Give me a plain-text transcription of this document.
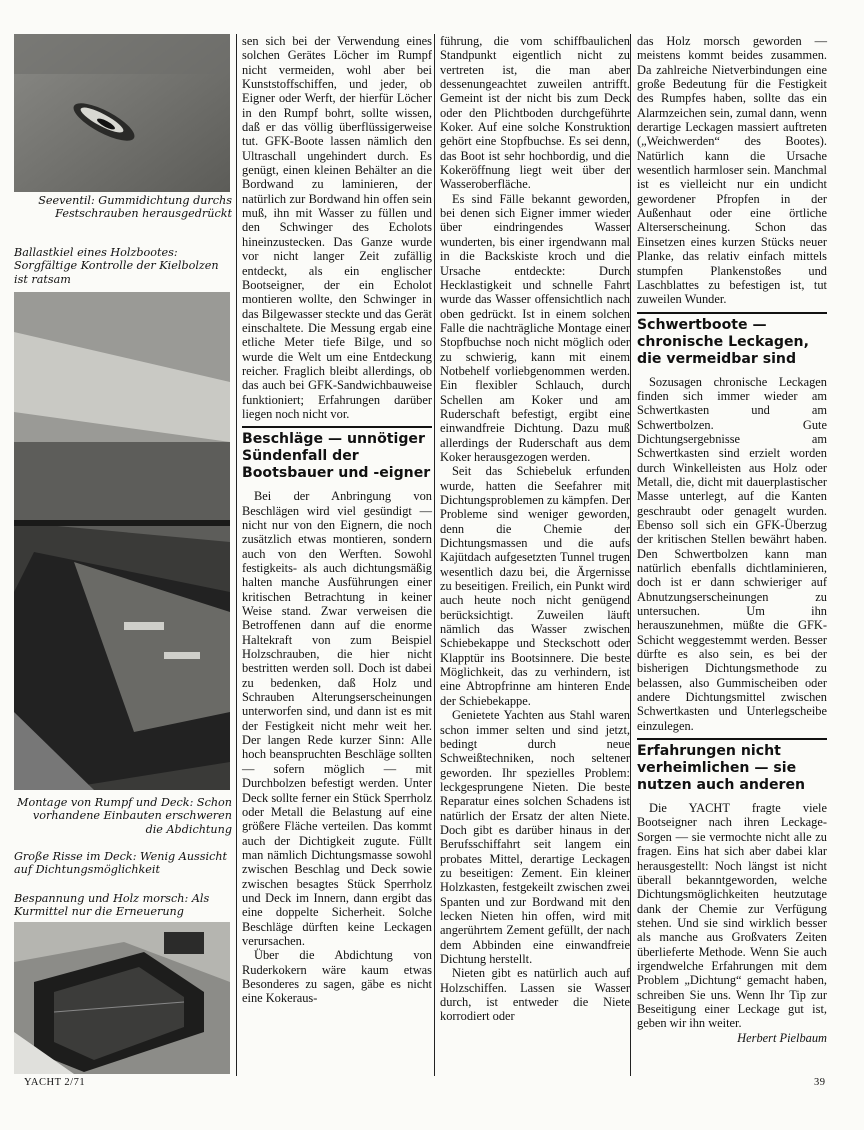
Seeventil: Gummidichtung durchs Festschrauben herausgedrückt
Ballastkiel eines Holzbootes: Sorgfältige Kontrolle der Kielbolzen ist ratsam
Montage von Rumpf und Deck: Schon vorhandene Einbauten erschweren die Abdichtung
Große Risse im Deck: Wenig Aussicht auf Dichtungsmöglichkeit
Bespannung und Holz morsch: Als Kurmittel nur die Erneuerung

sen sich bei der Verwendung eines solchen Gerätes Löcher im Rumpf nicht vermeiden, wohl aber bei Kunststoffschiffen, und jeder, ob Eigner oder Werft, der hierfür Löcher in den Rumpf bohrt, sollte wissen, daß er das völlig überflüssigerweise tut. GFK-Boote lassen nämlich den Ultraschall ungehindert durch. Es genügt, einen kleinen Behälter an die Bordwand zu laminieren, der natürlich zur Bordwand hin offen sein muß, ihn mit Wasser zu füllen und den Schwinger des Echolots hineinzustecken. Das Ganze wurde vor nicht langer Zeit zufällig entdeckt, als ein englischer Bootseigner, der ein Echolot montieren wollte, den Schwinger in das Bilgewasser steckte und das Gerät einschaltete. Die Messung ergab eine etliche Meter tiefe Bilge, und so wurde die Welt um eine Entdeckung reicher. Fraglich bleibt allerdings, ob das auch bei GFK-Sandwichbauweise funktioniert; Erfahrungen darüber liegen noch nicht vor.

Beschläge — unnötiger Sündenfall der Bootsbauer und -eigner

Bei der Anbringung von Beschlägen wird viel gesündigt — nicht nur von den Eignern, die noch zusätzlich etwas montieren, sondern auch von den Werften. Sowohl festigkeits- als auch dichtungsmäßig halten manche Ausführungen einer kritischen Betrachtung in keiner Weise stand. Zwar verweisen die Betroffenen dann auf die enorme Haltekraft von zum Beispiel Holzschrauben, die hier nicht bestritten werden soll. Doch ist dabei zu bedenken, daß Holz und Schrauben Alterungserscheinungen unterworfen sind, und dann ist es mit der Festigkeit nicht mehr weit her. Der langen Rede kurzer Sinn: Alle hoch beanspruchten Beschläge sollten — sofern möglich — mit Durchbolzen befestigt werden. Unter Deck sollte ferner ein Stück Sperrholz oder Metall die Belastung auf eine größere Fläche verteilen. Das kommt auch der Dichtigkeit zugute. Füllt man nämlich Dichtungsmasse sowohl zwischen Beschlag und Deck sowie zwischen besagtes Stück Sperrholz und Deck im Innern, dann ergibt das eine doppelte Sicherheit. Solche Beschläge dürften keine Leckagen verursachen.

Über die Abdichtung von Ruderkokern wäre kaum etwas Besonderes zu sagen, gäbe es nicht eine Kokeraus-

führung, die vom schiffbaulichen Standpunkt eigentlich nicht zu vertreten ist, die man aber dessenungeachtet zuweilen antrifft. Gemeint ist der nicht bis zum Deck oder den Plichtboden durchgeführte Koker. Auf eine solche Konstruktion gehört eine Stopfbuchse. Es sei denn, das Boot ist sehr hochbordig, und die Kokeröffnung liegt weit über der Wasseroberfläche.

Es sind Fälle bekannt geworden, bei denen sich Eigner immer wieder über eindringendes Wasser wunderten, bis einer irgendwann mal in die Backskiste kroch und die Ursache entdeckte: Durch Hecklastigkeit und schnelle Fahrt wurde das Wasser offensichtlich nach oben gedrückt. Ist in einem solchen Falle die nachträgliche Montage einer Stopfbuchse noch nicht möglich oder zu schwierig, kann mit einem Notbehelf vorliebgenommen werden. Ein flexibler Schlauch, durch Schellen am Koker und am Ruderschaft befestigt, ergibt eine einwandfreie Dichtung. Dazu muß allerdings der Ruderschaft aus dem Koker herausgezogen werden.

Seit das Schiebeluk erfunden wurde, hatten die Seefahrer mit Dichtungsproblemen zu kämpfen. Der Probleme sind weniger geworden, denn die Chemie der Dichtungsmassen und die aufs Kajütdach aufgesetzten Tunnel trugen wesentlich dazu bei, die Ärgernisse zu beseitigen. Freilich, ein Punkt wird auch heute noch nicht genügend berücksichtigt. Zuweilen läuft nämlich das Wasser zwischen Schiebekappe und Steckschott oder Klapptür ins Bootsinnere. Die beste Möglichkeit, das zu verhindern, ist eine Abtropfrinne am hinteren Ende der Schiebekappe.

Genietete Yachten aus Stahl waren schon immer selten und sind jetzt, bedingt durch neue Schweißtechniken, noch seltener geworden. Ihr spezielles Problem: leckgesprungene Nieten. Die beste Reparatur eines solchen Schadens ist natürlich der Ersatz der alten Niete. Doch gibt es darüber hinaus in der Berufsschiffahrt seit langem ein probates Mittel, derartige Leckagen zu beseitigen: Zement. Ein kleiner Holzkasten, festgekeilt zwischen zwei Spanten und zur Bordwand mit den lecken Nieten hin offen, wird mit angerührtem Zement gefüllt, der nach dem Abbinden eine einwandfreie Dichtung herstellt.

Nieten gibt es natürlich auch auf Holzschiffen. Lassen sie Wasser durch, ist entweder die Niete korrodiert oder

das Holz morsch geworden — meistens kommt beides zusammen. Da zahlreiche Nietverbindungen eine große Bedeutung für die Festigkeit des Rumpfes haben, sollte das ein Alarmzeichen sein, zumal dann, wenn derartige Leckagen massiert auftreten („Weichwerden“ des Bootes). Natürlich kann die Ursache wesentlich harmloser sein. Manchmal ist es vielleicht nur ein undicht gewordener Pfropfen in der Außenhaut oder eine örtliche Alterserscheinung. Schon das Einsetzen eines kurzen Stücks neuer Planke, das relativ einfach mittels stumpfen Plankenstoßes und Laschblattes zu befestigen ist, tut zuweilen Wunder.

Schwertboote — chronische Leckagen, die vermeidbar sind

Sozusagen chronische Leckagen finden sich immer wieder am Schwertkasten und am Schwertbolzen. Gute Dichtungsergebnisse am Schwertkasten sind erzielt worden durch Winkelleisten aus Holz oder Metall, die, dicht mit dauerplastischer Masse unterlegt, auf die Kanten geschraubt oder genagelt wurden. Ebenso soll sich ein GFK-Überzug der kritischen Stellen bewährt haben. Den Schwertbolzen kann man natürlich ebenfalls dichtlaminieren, doch ist er dann schwieriger auf Abnutzungserscheinungen zu untersuchen. Um ihn herauszunehmen, müßte die GFK-Schicht weggestemmt werden. Besser dürfte es also sein, es bei der bisherigen Dichtungsmethode zu belassen, also Gummischeiben oder andere Dichtungsmittel zwischen Schwertkasten und Unterlegscheibe einzulegen.

Erfahrungen nicht verheimlichen — sie nutzen auch anderen

Die YACHT fragte viele Bootseigner nach ihren Leckage-Sorgen — sie vermochte nicht alle zu fragen. Eins hat sich aber dabei klar herausgestellt: Noch längst ist nicht überall bekanntgeworden, welche Dichtungsmöglichkeiten heutzutage dank der Chemie zur Verfügung stehen. Und sie sind wirklich besser als manche aus Großvaters Zeiten überlieferte Methode. Wenn Sie auch irgendwelche Erfahrungen mit dem Problem „Dichtung“ gemacht haben, schreiben Sie uns. Wenn Ihr Tip zur Beseitigung einer Leckage gut ist, geben wir ihn weiter.
Herbert Pielbaum

YACHT 2/71	39
